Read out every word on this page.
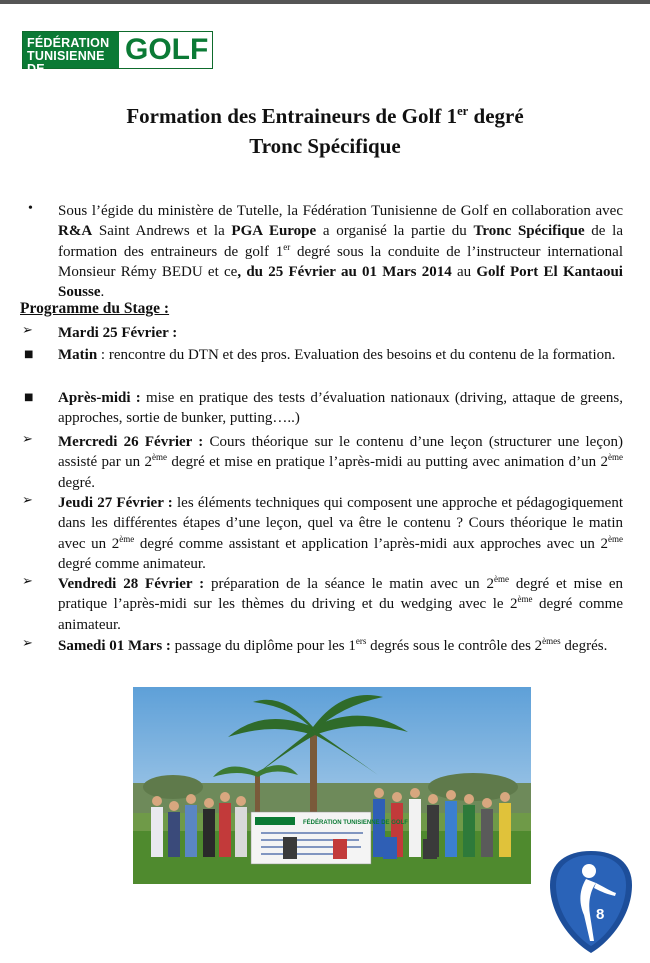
FÉDÉRATION
TUNISIENNE DE
GOLF
Formation des Entraineurs de Golf 1er degré
Tronc Spécifique
• Sous l’égide du ministère de Tutelle, la Fédération Tunisienne de Golf en collaboration avec R&A Saint Andrews et la PGA Europe a organisé la partie du Tronc Spécifique de la formation des entraineurs de golf 1er degré sous la conduite de l’instructeur international Monsieur Rémy BEDU et ce, du 25 Février au 01 Mars 2014 au Golf Port El Kantaoui Sousse.
Programme du Stage :
➢ Mardi 25 Février :
■ Matin : rencontre du DTN et des pros. Evaluation des besoins et du contenu de la formation.
■ Après-midi : mise en pratique des tests d’évaluation nationaux (driving, attaque de greens, approches, sortie de bunker, putting…..)
➢ Mercredi 26 Février : Cours théorique sur le contenu d’une leçon (structurer une leçon) assisté par un 2ème degré et mise en pratique l’après-midi au putting avec animation d’un 2ème degré.
➢ Jeudi 27 Février : les éléments techniques qui composent une approche et pédagogiquement dans les différentes étapes d’une leçon, quel va être le contenu ? Cours théorique le matin avec un 2ème degré comme assistant et application l’après-midi aux approches avec un 2ème degré comme animateur.
➢ Vendredi 28 Février : préparation de la séance le matin avec un 2ème degré et mise en pratique l’après-midi sur les thèmes du driving et du wedging avec le 2ème degré comme animateur.
➢ Samedi 01 Mars : passage du diplôme pour les 1ers degrés sous le contrôle des 2èmes degrés.
FÉDÉRATION TUNISIENNE DE GOLF
8
